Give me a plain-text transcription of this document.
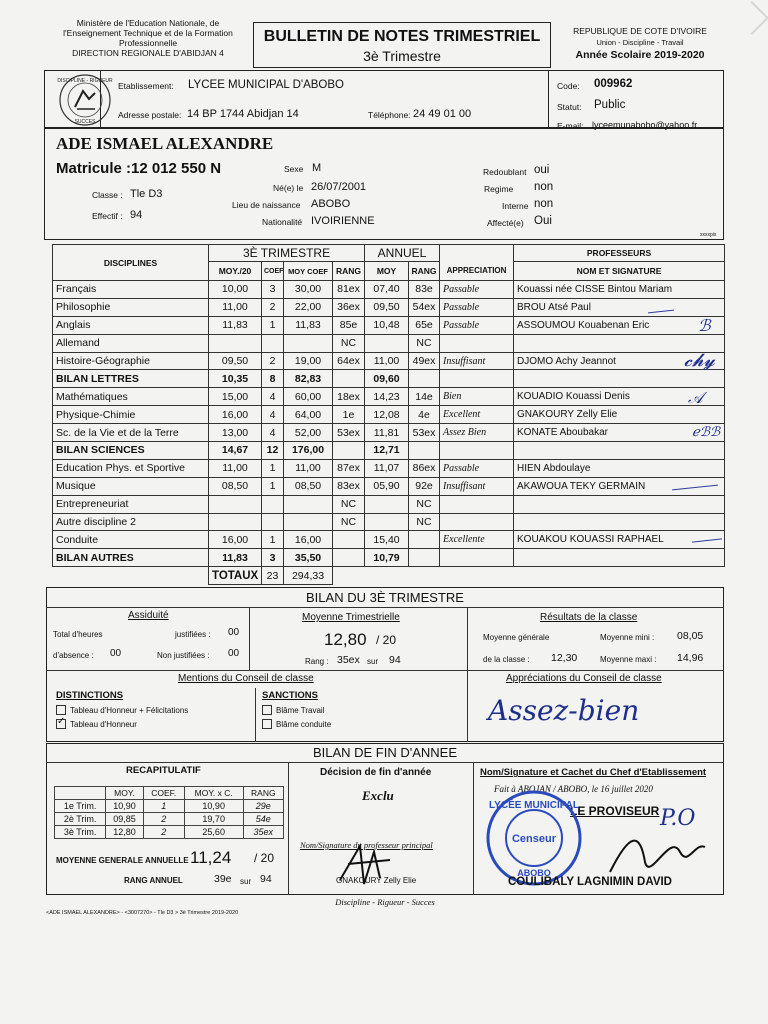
Ministère de l'Education Nationale, de
l'Enseignement Technique et de la Formation
Professionnelle
DIRECTION REGIONALE D'ABIDJAN 4
BULLETIN DE NOTES TRIMESTRIEL
3è Trimestre
REPUBLIQUE DE COTE D'IVOIRE
Union - Discipline - Travail
Année Scolaire 2019-2020
DISCIPLINE - RIGUEUR
SUCCES
Etablissement: LYCEE MUNICIPAL D'ABOBO
Adresse postale: 14 BP 1744 Abidjan 14	Téléphone: 24 49 01 00
Code: 009962
Statut: Public
E-mail: lyceemunabobo@yahoo.fr
ADE ISMAEL ALEXANDRE
Matricule : 12 012 550 N	Sexe M
Classe : Tle D3	Né(e) le 26/07/2001
Effectif : 94
Lieu de naissance ABOBO
Nationalité IVOIRIENNE
Redoublant oui
Regime non
Interne non
Affecté(e) Oui
xxxxpix
DISCIPLINES	3È TRIMESTRE				ANNUEL			PROFESSEURS
	MOY./20	COEF	MOY COEF	RANG	MOY	RANG	APPRECIATION	NOM ET SIGNATURE
Français	10,00	3	30,00	81ex	07,40	83e	Passable	Kouassi née CISSE Bintou Mariam
Philosophie	11,00	2	22,00	36ex	09,50	54ex	Passable	BROU Atsé Paul
Anglais	11,83	1	11,83	85e	10,48	65e	Passable	ASSOUMOU Kouabenan Eric
Allemand				NC		NC		
Histoire-Géographie	09,50	2	19,00	64ex	11,00	49ex	Insuffisant	DJOMO Achy Jeannot
BILAN LETTRES	10,35	8	82,83		09,60			
Mathématiques	15,00	4	60,00	18ex	14,23	14e	Bien	KOUADIO Kouassi Denis
Physique-Chimie	16,00	4	64,00	1e	12,08	4e	Excellent	GNAKOURY Zelly Elie
Sc. de la Vie et de la Terre	13,00	4	52,00	53ex	11,81	53ex	Assez Bien	KONATE Aboubakar
BILAN SCIENCES	14,67	12	176,00		12,71			
Education Phys. et Sportive	11,00	1	11,00	87ex	11,07	86ex	Passable	HIEN Abdoulaye
Musique	08,50	1	08,50	83ex	05,90	92e	Insuffisant	AKAWOUA TEKY GERMAIN
Entrepreneuriat				NC		NC		
Autre discipline 2				NC		NC		
Conduite	16,00	1	16,00		15,40		Excellente	KOUAKOU KOUASSI RAPHAEL
BILAN AUTRES	11,83	3	35,50		10,79			
	TOTAUX	23	294,33					
ℬ
𝓬𝓱𝔂
𝒜
ℯℬℬ
BILAN DU 3È TRIMESTRE
Assiduité
Total d'heures
d'absence : 00
justifiées : 00
Non justifiées : 00
Moyenne Trimestrielle
12,80 / 20
Rang : 35ex sur 94
Résultats de la classe
Moyenne générale
de la classe : 12,30
Moyenne mini : 08,05
Moyenne maxi : 14,96
Mentions du Conseil de classe
DISTINCTIONS
Tableau d'Honneur + Félicitations
✓ Tableau d'Honneur
SANCTIONS
Blâme Travail
Blâme conduite
Appréciations du Conseil de classe
Assez-bien
BILAN DE FIN D'ANNEE
RECAPITULATIF
	MOY.	COEF.	MOY. x C.	RANG
1e Trim.	10,90	1	10,90	29e
2è Trim.	09,85	2	19,70	54e
3è Trim.	12,80	2	25,60	35ex
MOYENNE GENERALE ANNUELLE 11,24 / 20
RANG ANNUEL	39e sur 94
Décision de fin d'année
Exclu
Nom/Signature du professeur principal
GNAKOURY Zelly Elie
Nom/Signature et Cachet du Chef d'Etablissement
Fait à ABOJAN / ABOBO, le 16 juillet 2020
LE PROVISEUR P.O
LYCÉE MUNICIPAL
Censeur
ABOBO
COULIBALY LAGNIMIN DAVID
Discipline - Rigueur - Succes
<ADE ISMAEL ALEXANDRE> - <3007270> - Tle D3 > 3è Trimestre 2019-2020
